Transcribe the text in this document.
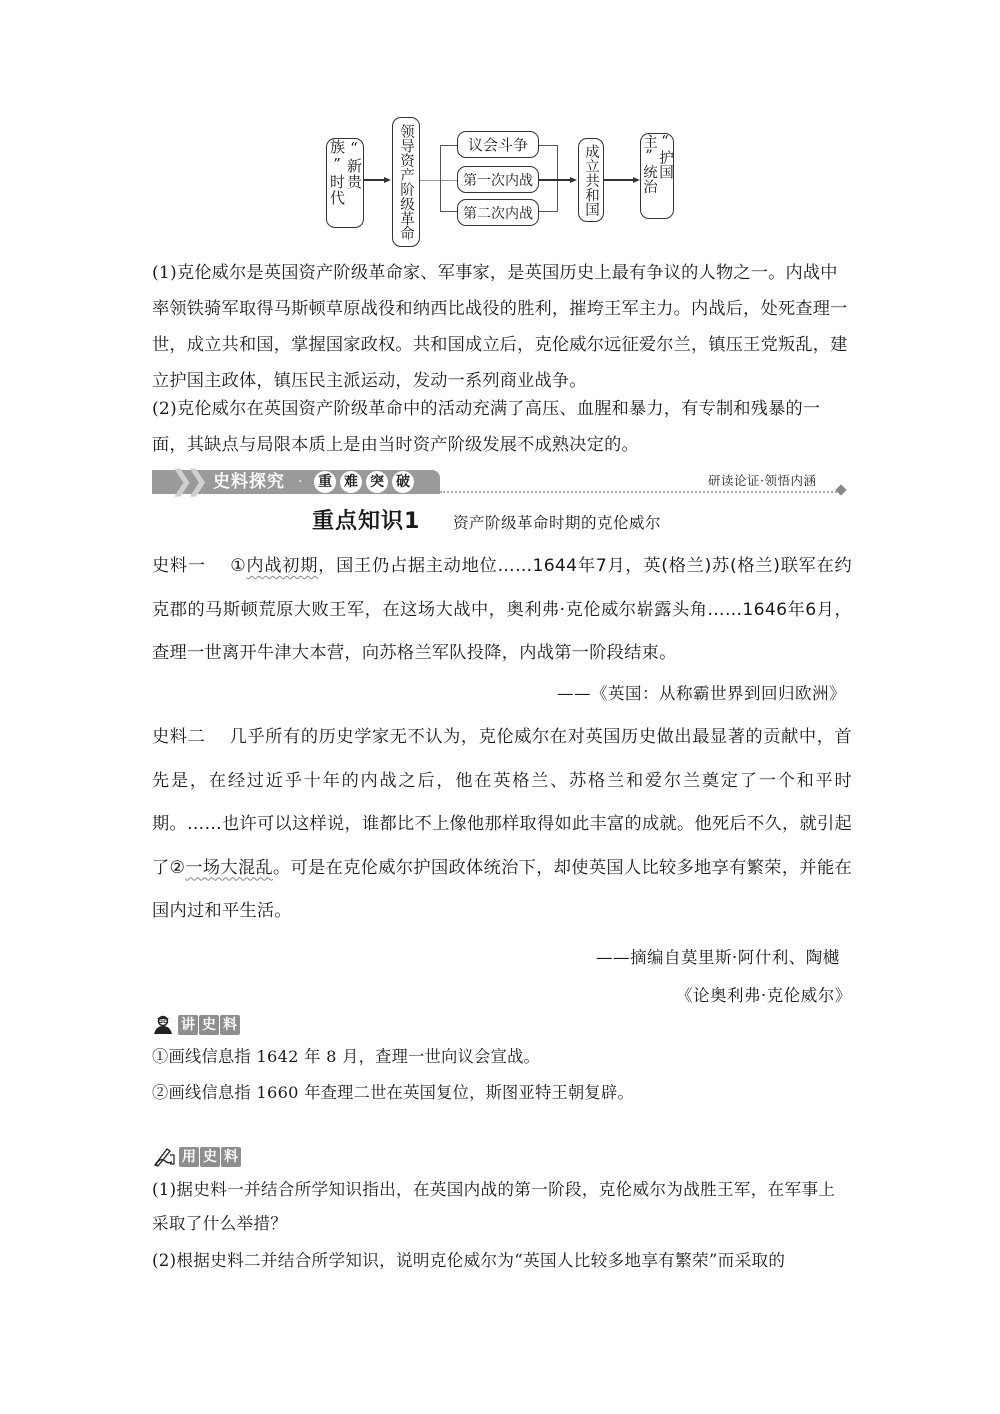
“新贵族”时代	领导资产阶级革命	议会斗争
第一次内战
第二次内战	成立共和国	“护国主”统治
(1)克伦威尔是英国资产阶级革命家、军事家，是英国历史上最有争议的人物之一。内战中率领铁骑军取得马斯顿草原战役和纳西比战役的胜利，摧垮王军主力。内战后，处死查理一世，成立共和国，掌握国家政权。共和国成立后，克伦威尔远征爱尔兰，镇压王党叛乱，建立护国主政体，镇压民主派运动，发动一系列商业战争。
(2)克伦威尔在英国资产阶级革命中的活动充满了高压、血腥和暴力，有专制和残暴的一面，其缺点与局限本质上是由当时资产阶级发展不成熟决定的。
❯❯ 史料探究 · 重 难 突 破	研读论证·领悟内涵
重点知识1 资产阶级革命时期的克伦威尔
史料一 ①内战初期，国王仍占据主动地位……1644年7月，英(格兰)苏(格兰)联军在约克郡的马斯顿荒原大败王军，在这场大战中，奥利弗·克伦威尔崭露头角……1646年6月，查理一世离开牛津大本营，向苏格兰军队投降，内战第一阶段结束。
——《英国：从称霸世界到回归欧洲》
史料二 几乎所有的历史学家无不认为，克伦威尔在对英国历史做出最显著的贡献中，首先是，在经过近乎十年的内战之后，他在英格兰、苏格兰和爱尔兰奠定了一个和平时期。……也许可以这样说，谁都比不上像他那样取得如此丰富的成就。他死后不久，就引起了②一场大混乱。可是在克伦威尔护国政体统治下，却使英国人比较多地享有繁荣，并能在国内过和平生活。
——摘编自莫里斯·阿什利、陶樾
《论奥利弗·克伦威尔》
讲 史 料
①画线信息指 1642 年 8 月，查理一世向议会宣战。
②画线信息指 1660 年查理二世在英国复位，斯图亚特王朝复辟。
用 史 料
(1)据史料一并结合所学知识指出，在英国内战的第一阶段，克伦威尔为战胜王军，在军事上采取了什么举措？
(2)根据史料二并结合所学知识，说明克伦威尔为“英国人比较多地享有繁荣”而采取的
